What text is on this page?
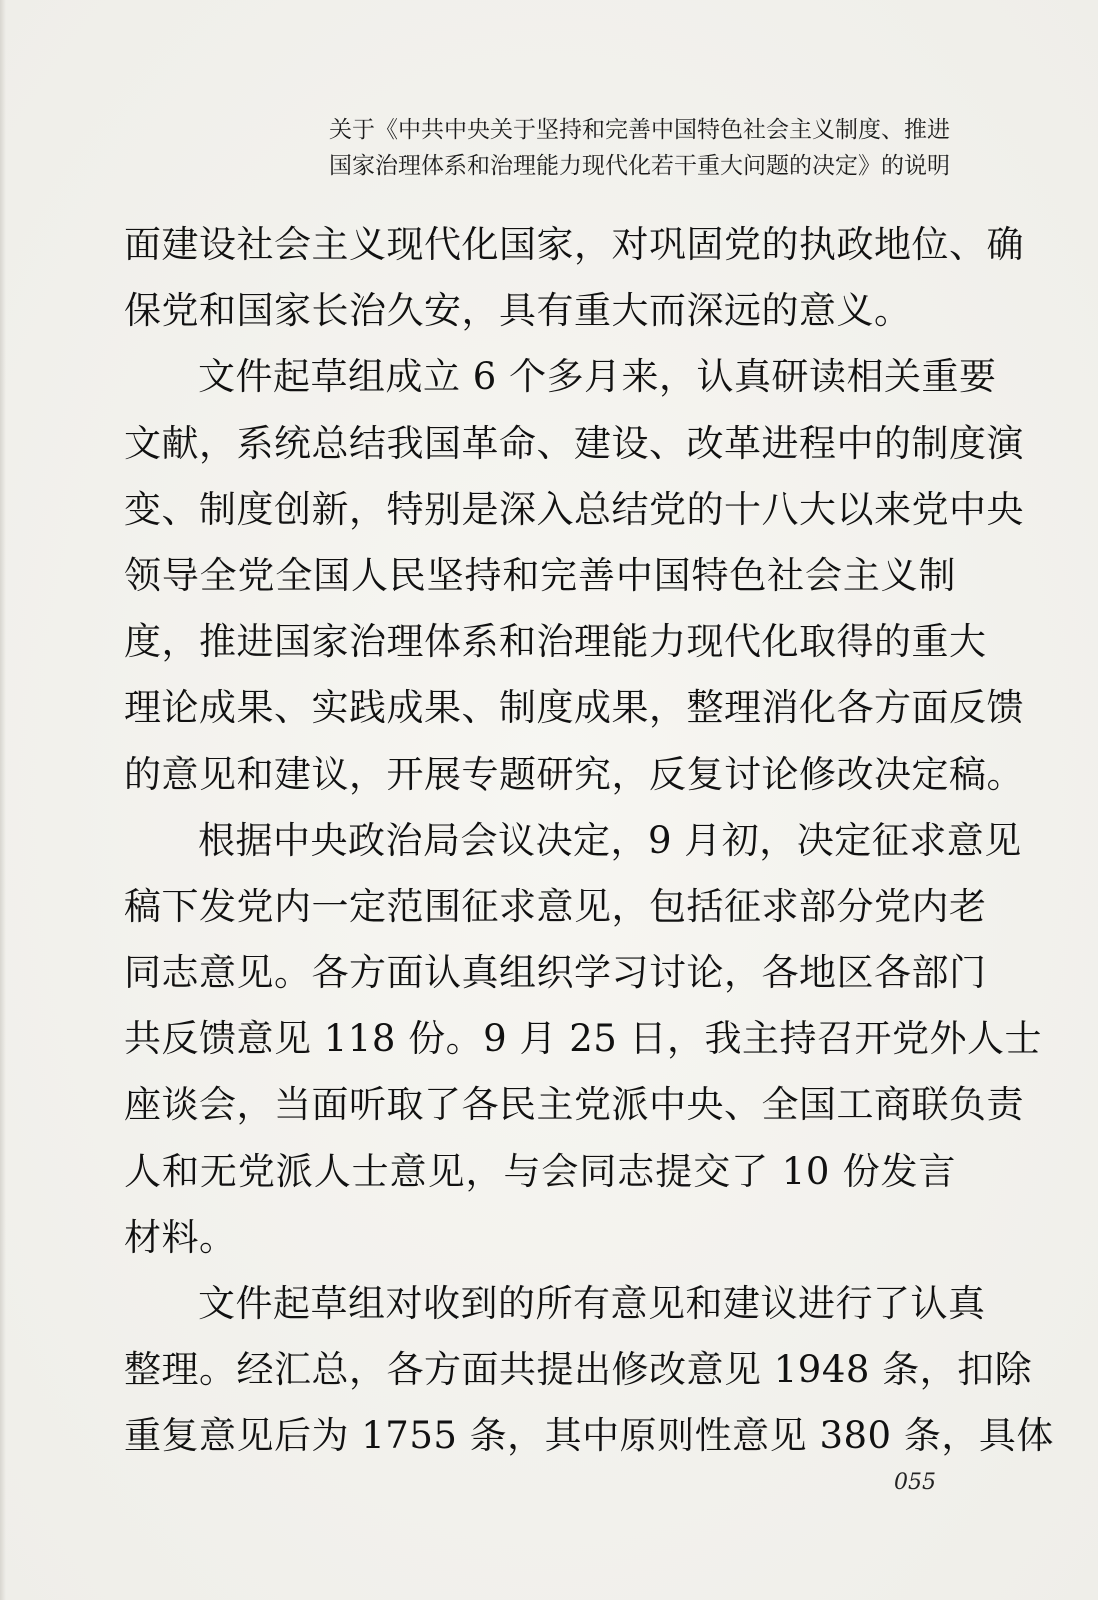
关于《中共中央关于坚持和完善中国特色社会主义制度、推进
国家治理体系和治理能力现代化若干重大问题的决定》的说明
面建设社会主义现代化国家，对巩固党的执政地位、确
保党和国家长治久安，具有重大而深远的意义。
文件起草组成立 6 个多月来，认真研读相关重要
文献，系统总结我国革命、建设、改革进程中的制度演
变、制度创新，特别是深入总结党的十八大以来党中央
领导全党全国人民坚持和完善中国特色社会主义制
度，推进国家治理体系和治理能力现代化取得的重大
理论成果、实践成果、制度成果，整理消化各方面反馈
的意见和建议，开展专题研究，反复讨论修改决定稿。
根据中央政治局会议决定，9 月初，决定征求意见
稿下发党内一定范围征求意见，包括征求部分党内老
同志意见。各方面认真组织学习讨论，各地区各部门
共反馈意见 118 份。9 月 25 日，我主持召开党外人士
座谈会，当面听取了各民主党派中央、全国工商联负责
人和无党派人士意见，与会同志提交了 10 份发言
材料。
文件起草组对收到的所有意见和建议进行了认真
整理。经汇总，各方面共提出修改意见 1948 条，扣除
重复意见后为 1755 条，其中原则性意见 380 条，具体
055
